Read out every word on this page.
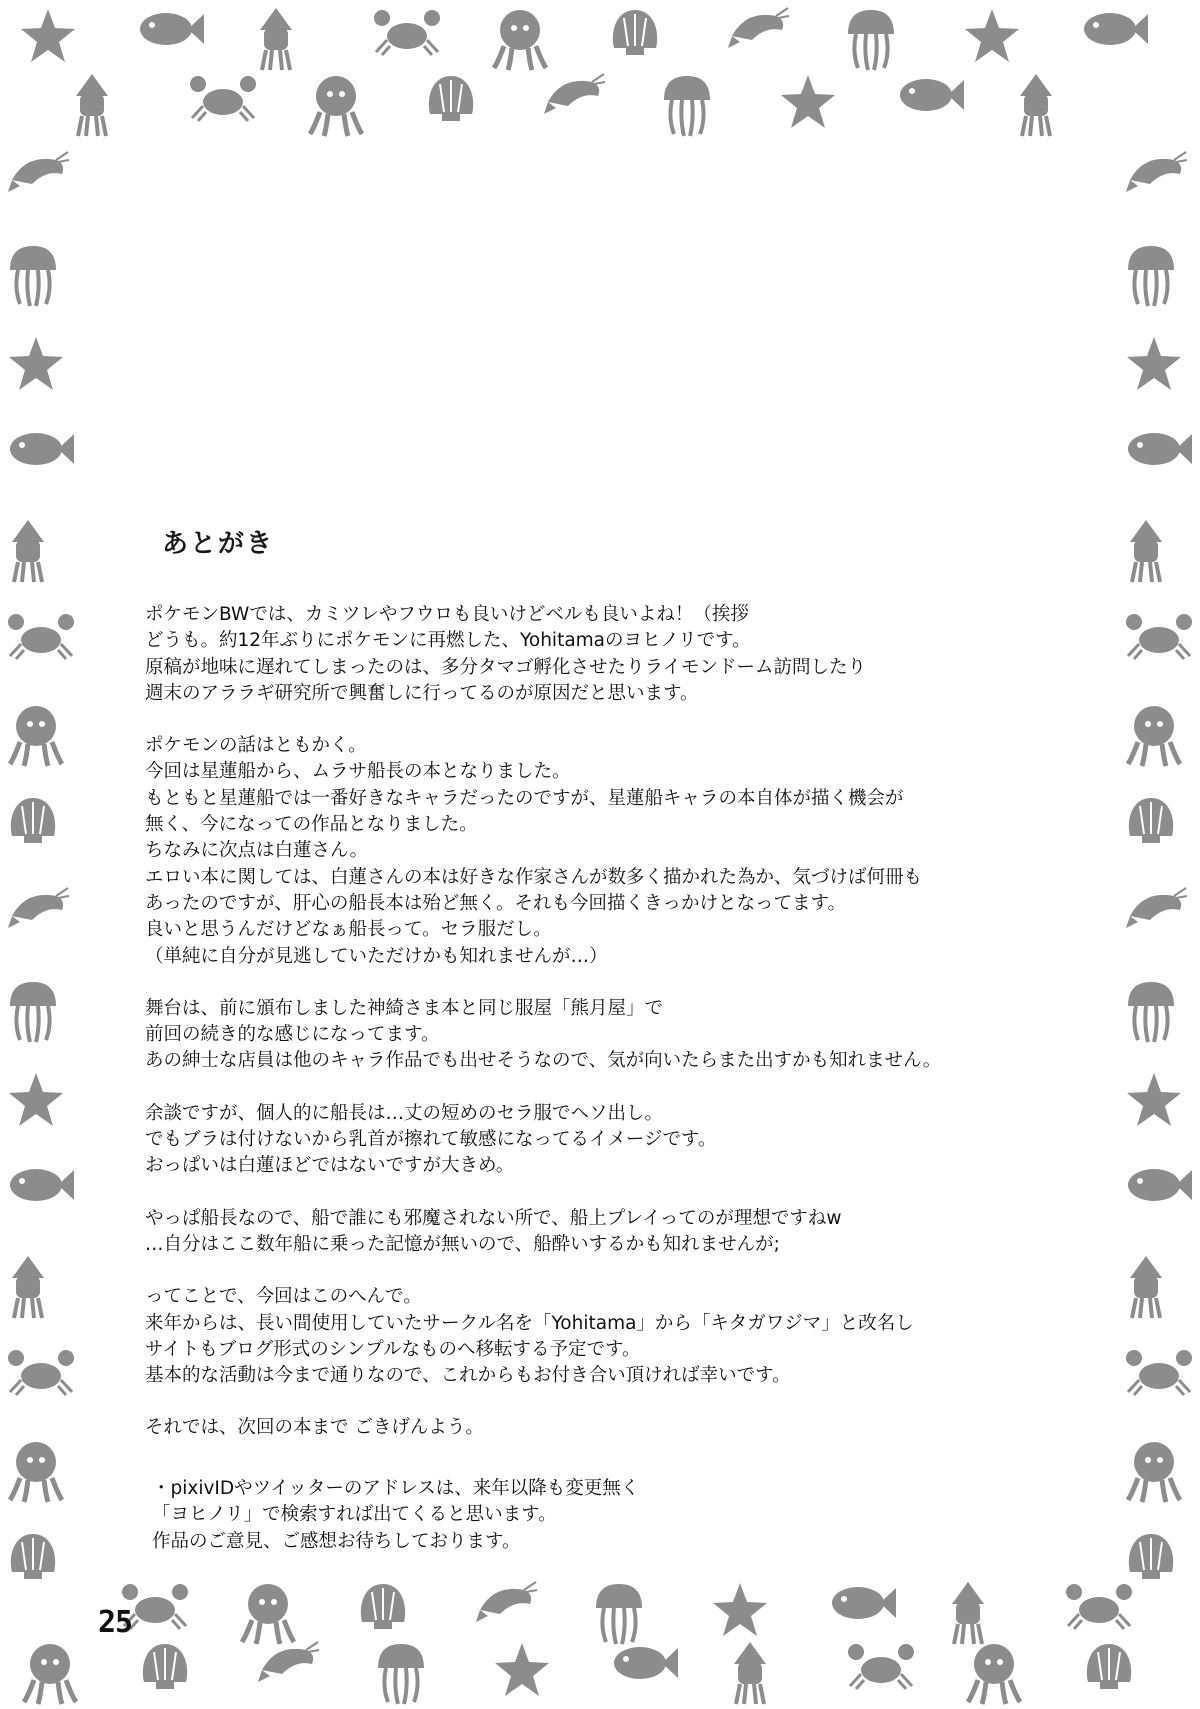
あとがき

ポケモンBWでは、カミツレやフウロも良いけどベルも良いよね！（挨拶

どうも。約12年ぶりにポケモンに再燃した、Yohitamaのヨヒノリです。

原稿が地味に遅れてしまったのは、多分タマゴ孵化させたりライモンドーム訪問したり

週末のアララギ研究所で興奮しに行ってるのが原因だと思います。

ポケモンの話はともかく。

今回は星蓮船から、ムラサ船長の本となりました。

もともと星蓮船では一番好きなキャラだったのですが、星蓮船キャラの本自体が描く機会が

無く、今になっての作品となりました。

ちなみに次点は白蓮さん。

エロい本に関しては、白蓮さんの本は好きな作家さんが数多く描かれた為か、気づけば何冊も

あったのですが、肝心の船長本は殆ど無く。それも今回描くきっかけとなってます。

良いと思うんだけどなぁ船長って。セラ服だし。

（単純に自分が見逃していただけかも知れませんが…）

舞台は、前に頒布しました神綺さま本と同じ服屋「熊月屋」で

前回の続き的な感じになってます。

あの紳士な店員は他のキャラ作品でも出せそうなので、気が向いたらまた出すかも知れません。

余談ですが、個人的に船長は…丈の短めのセラ服でヘソ出し。

でもブラは付けないから乳首が擦れて敏感になってるイメージです。

おっぱいは白蓮ほどではないですが大きめ。

やっぱ船長なので、船で誰にも邪魔されない所で、船上プレイってのが理想ですねw

…自分はここ数年船に乗った記憶が無いので、船酔いするかも知れませんが;

ってことで、今回はこのへんで。

来年からは、長い間使用していたサークル名を「Yohitama」から「キタガワジマ」と改名し

サイトもブログ形式のシンプルなものへ移転する予定です。

基本的な活動は今まで通りなので、これからもお付き合い頂ければ幸いです。

それでは、次回の本まで ごきげんよう。

・pixivIDやツイッターのアドレスは、来年以降も変更無く

「ヨヒノリ」で検索すれば出てくると思います。

作品のご意見、ご感想お待ちしております。

25
